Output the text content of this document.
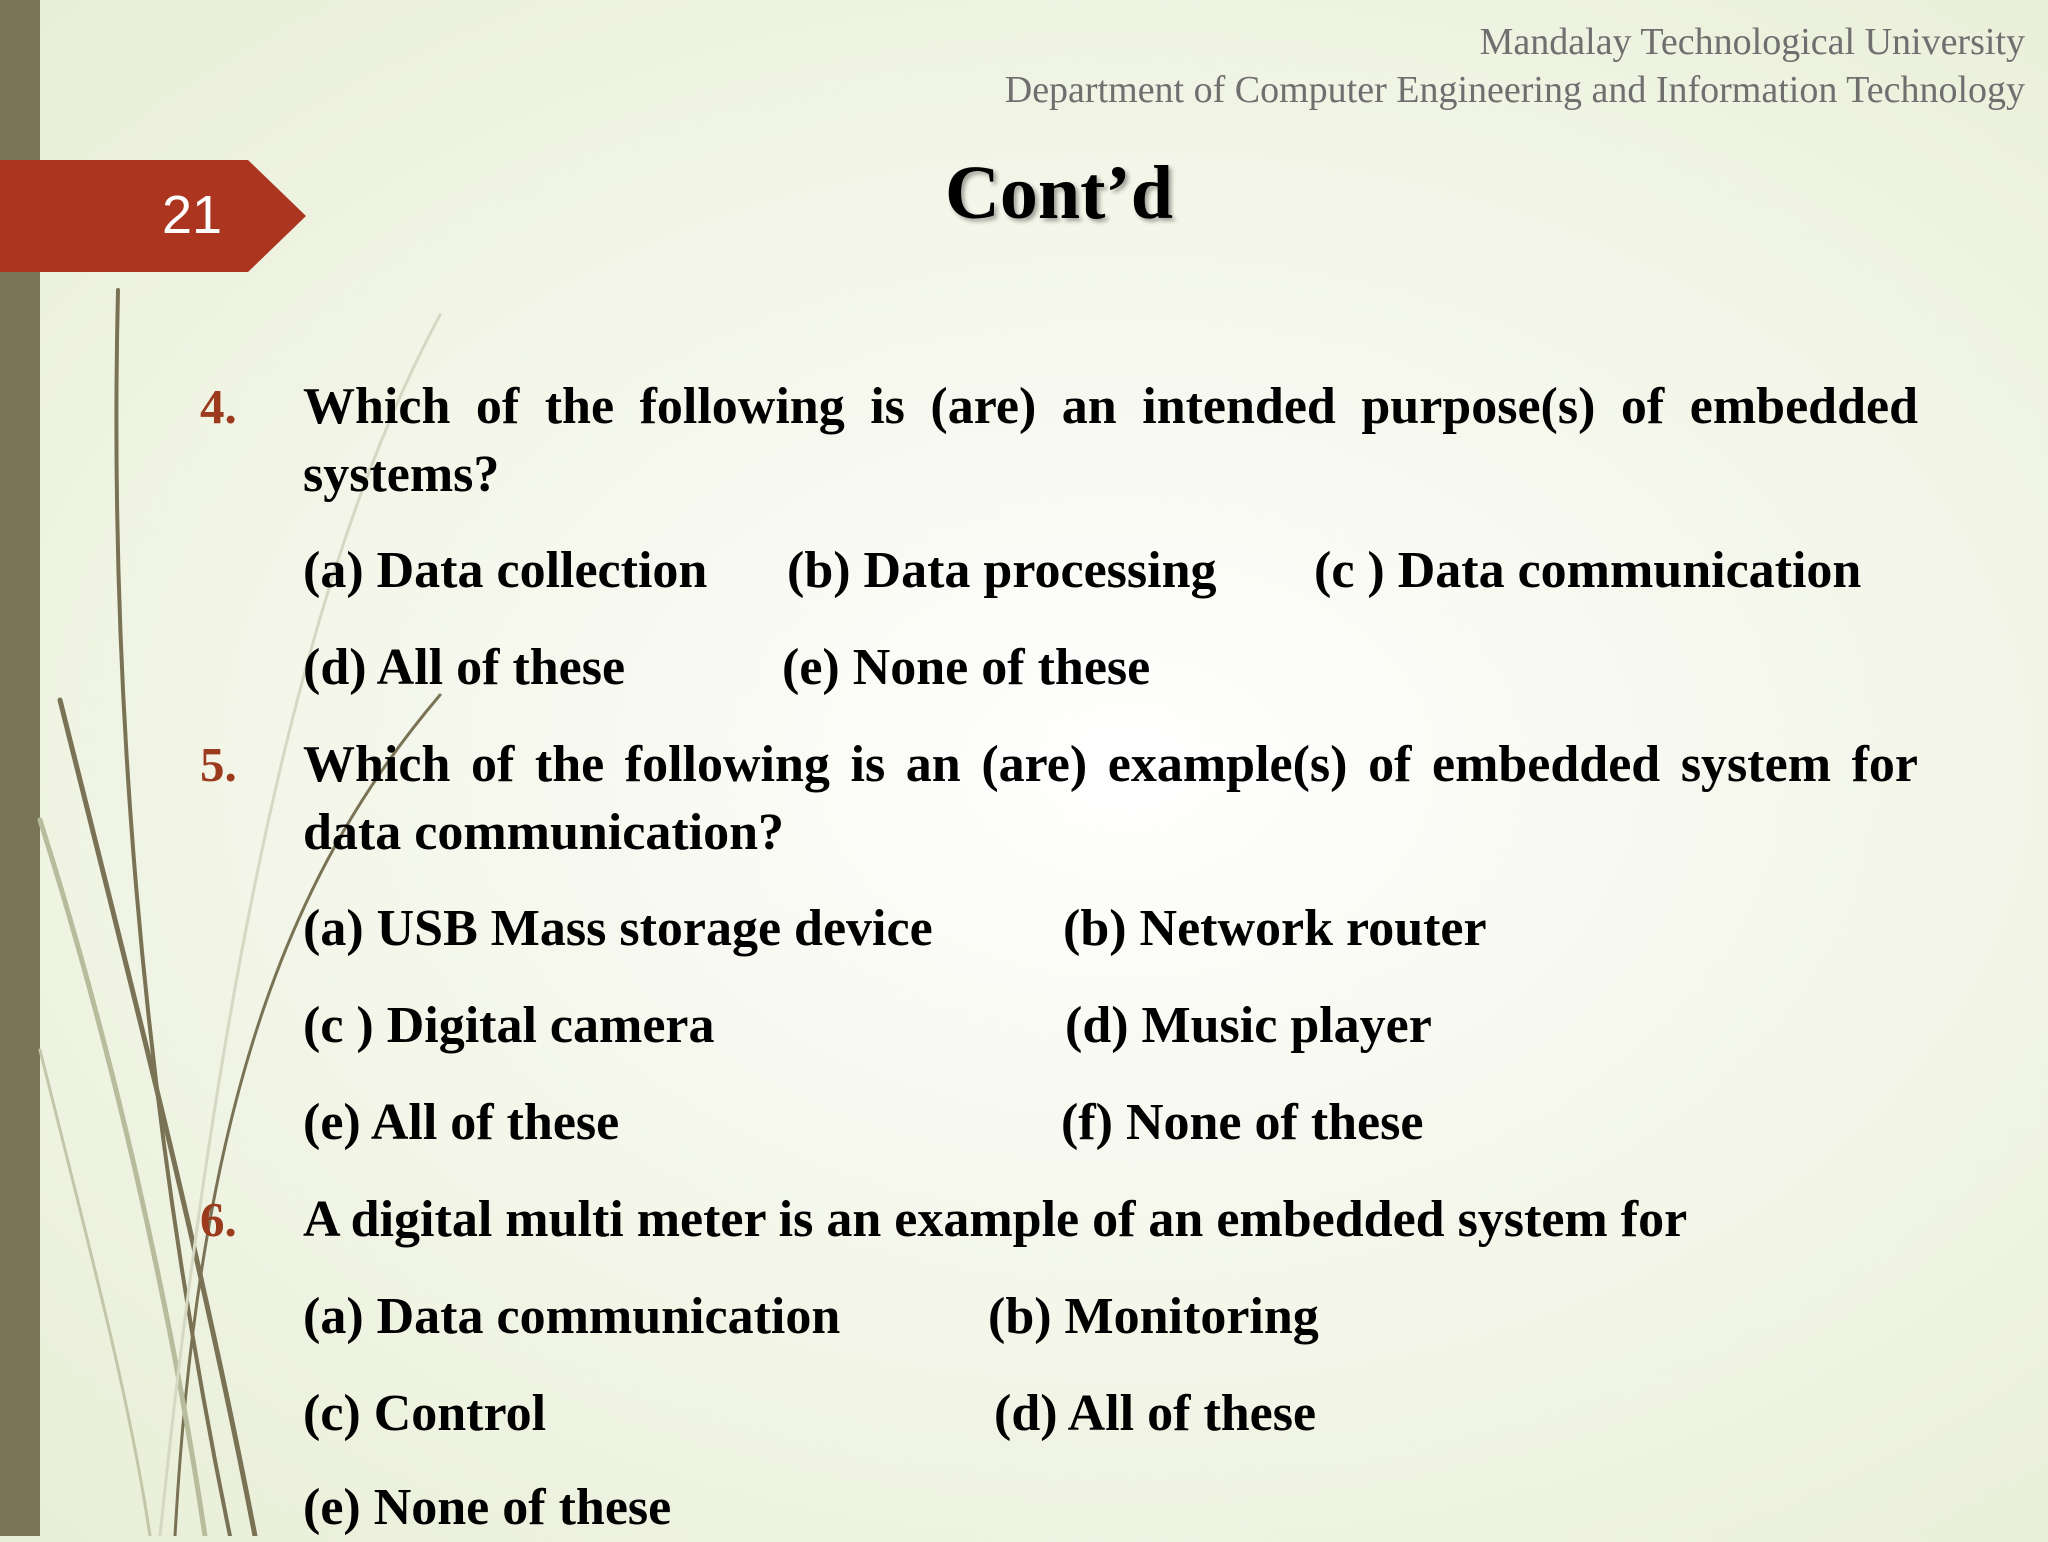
21
Mandalay Technological University
Department of Computer Engineering and Information Technology
Cont’d
4. Which of the following is (are) an intended purpose(s) of embedded systems?
(a) Data collection (b) Data processing (c ) Data communication
(d) All of these	(e) None of these
5. Which of the following is an (are) example(s) of embedded system for data communication?
(a) USB Mass storage device	(b) Network router
(c ) Digital camera	(d) Music player
(e) All of these	(f) None of these
6. A digital multi meter is an example of an embedded system for
(a) Data communication	(b) Monitoring
(c) Control	(d) All of these
(e) None of these
